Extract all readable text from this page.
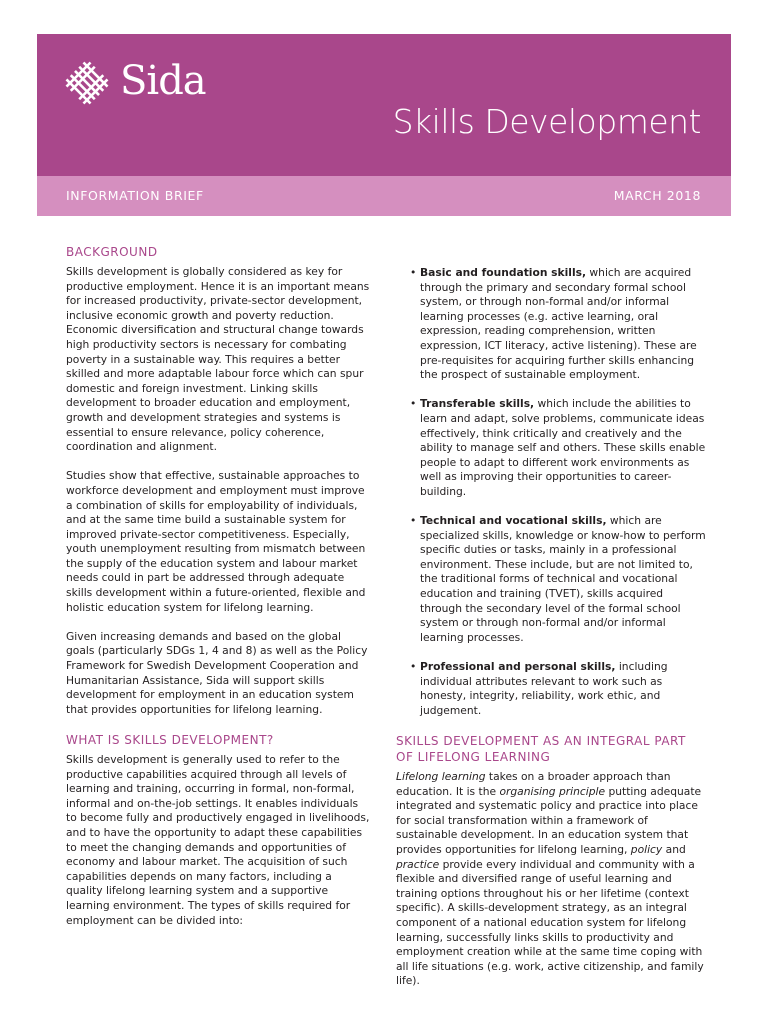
Sida
Skills Development
INFORMATION BRIEF	MARCH 2018
BACKGROUND

Skills development is globally considered as key for productive employment. Hence it is an important means for increased productivity, private-sector development, inclusive economic growth and poverty reduction. Economic diversification and structural change towards high productivity sectors is necessary for combating poverty in a sustainable way. This requires a better skilled and more adaptable labour force which can spur domestic and foreign investment. Linking skills development to broader education and employment, growth and development strategies and systems is essential to ensure relevance, policy coherence, coordination and alignment.

Studies show that effective, sustainable approaches to workforce development and employment must improve a combination of skills for employability of individuals, and at the same time build a sustainable system for improved private-sector competitiveness. Especially, youth unemployment resulting from mismatch between the supply of the education system and labour market needs could in part be addressed through adequate skills development within a future-oriented, flexible and holistic education system for lifelong learning.

Given increasing demands and based on the global goals (particularly SDGs 1, 4 and 8) as well as the Policy Framework for Swedish Development Cooperation and Humanitarian Assistance, Sida will support skills development for employment in an education system that provides opportunities for lifelong learning.

WHAT IS SKILLS DEVELOPMENT?

Skills development is generally used to refer to the productive capabilities acquired through all levels of learning and training, occurring in formal, non-formal, informal and on-the-job settings. It enables individuals to become fully and productively engaged in livelihoods, and to have the opportunity to adapt these capabilities to meet the changing demands and opportunities of economy and labour market. The acquisition of such capabilities depends on many factors, including a quality lifelong learning system and a supportive learning environment. The types of skills required for employment can be divided into:

• Basic and foundation skills, which are acquired through the primary and secondary formal school system, or through non-formal and/or informal learning processes (e.g. active learning, oral expression, reading comprehension, written expression, ICT literacy, active listening). These are pre-requisites for acquiring further skills enhancing the prospect of sustainable employment.
• Transferable skills, which include the abilities to learn and adapt, solve problems, communicate ideas effectively, think critically and creatively and the ability to manage self and others. These skills enable people to adapt to different work environments as well as improving their opportunities to career-building.
• Technical and vocational skills, which are specialized skills, knowledge or know-how to perform specific duties or tasks, mainly in a professional environment. These include, but are not limited to, the traditional forms of technical and vocational education and training (TVET), skills acquired through the secondary level of the formal school system or through non-formal and/or informal learning processes.
• Professional and personal skills, including individual attributes relevant to work such as honesty, integrity, reliability, work ethic, and judgement.
SKILLS DEVELOPMENT AS AN INTEGRAL PART OF LIFELONG LEARNING

Lifelong learning takes on a broader approach than education. It is the organising principle putting adequate integrated and systematic policy and practice into place for social transformation within a framework of sustainable development. In an education system that provides opportunities for lifelong learning, policy and practice provide every individual and community with a flexible and diversified range of useful learning and training options throughout his or her lifetime (context specific). A skills-development strategy, as an integral component of a national education system for lifelong learning, successfully links skills to productivity and employment creation while at the same time coping with all life situations (e.g. work, active citizenship, and family life).
